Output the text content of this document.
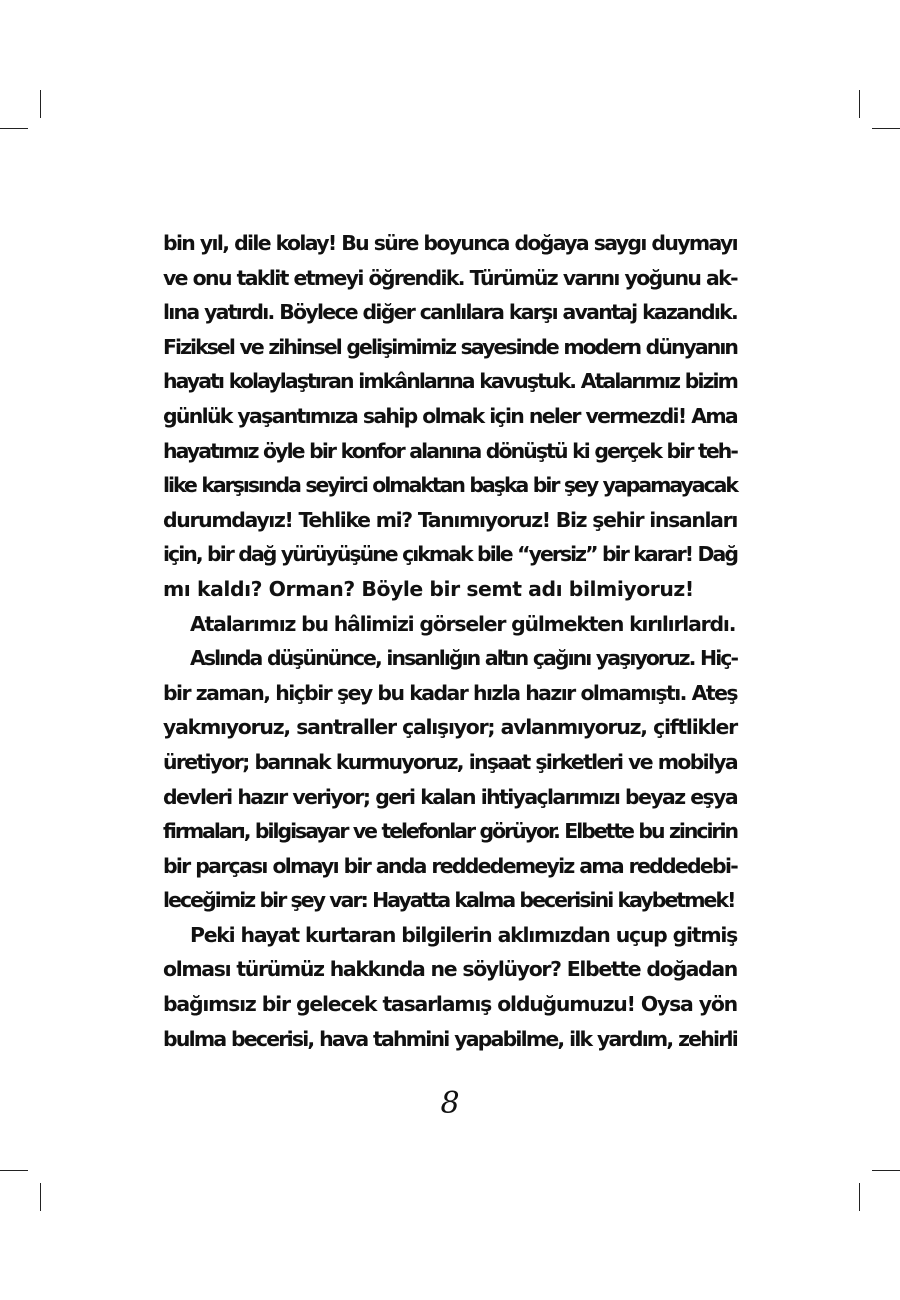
bin yıl, dile kolay! Bu süre boyunca doğaya saygı duymayı
ve onu taklit etmeyi öğrendik. Türümüz varını yoğunu ak-
lına yatırdı. Böylece diğer canlılara karşı avantaj kazandık.
Fiziksel ve zihinsel gelişimimiz sayesinde modern dünyanın
hayatı kolaylaştıran imkânlarına kavuştuk. Atalarımız bizim
günlük yaşantımıza sahip olmak için neler vermezdi! Ama
hayatımız öyle bir konfor alanına dönüştü ki gerçek bir teh-
like karşısında seyirci olmaktan başka bir şey yapamayacak
durumdayız! Tehlike mi? Tanımıyoruz! Biz şehir insanları
için, bir dağ yürüyüşüne çıkmak bile “yersiz” bir karar! Dağ
mı kaldı? Orman? Böyle bir semt adı bilmiyoruz!

Atalarımız bu hâlimizi görseler gülmekten kırılırlardı.

Aslında düşününce, insanlığın altın çağını yaşıyoruz. Hiç-
bir zaman, hiçbir şey bu kadar hızla hazır olmamıştı. Ateş
yakmıyoruz, santraller çalışıyor; avlanmıyoruz, çiftlikler
üretiyor; barınak kurmuyoruz, inşaat şirketleri ve mobilya
devleri hazır veriyor; geri kalan ihtiyaçlarımızı beyaz eşya
firmaları, bilgisayar ve telefonlar görüyor. Elbette bu zincirin
bir parçası olmayı bir anda reddedemeyiz ama reddedebi-
leceğimiz bir şey var: Hayatta kalma becerisini kaybetmek!

Peki hayat kurtaran bilgilerin aklımızdan uçup gitmiş
olması türümüz hakkında ne söylüyor? Elbette doğadan
bağımsız bir gelecek tasarlamış olduğumuzu! Oysa yön
bulma becerisi, hava tahmini yapabilme, ilk yardım, zehirli

8
